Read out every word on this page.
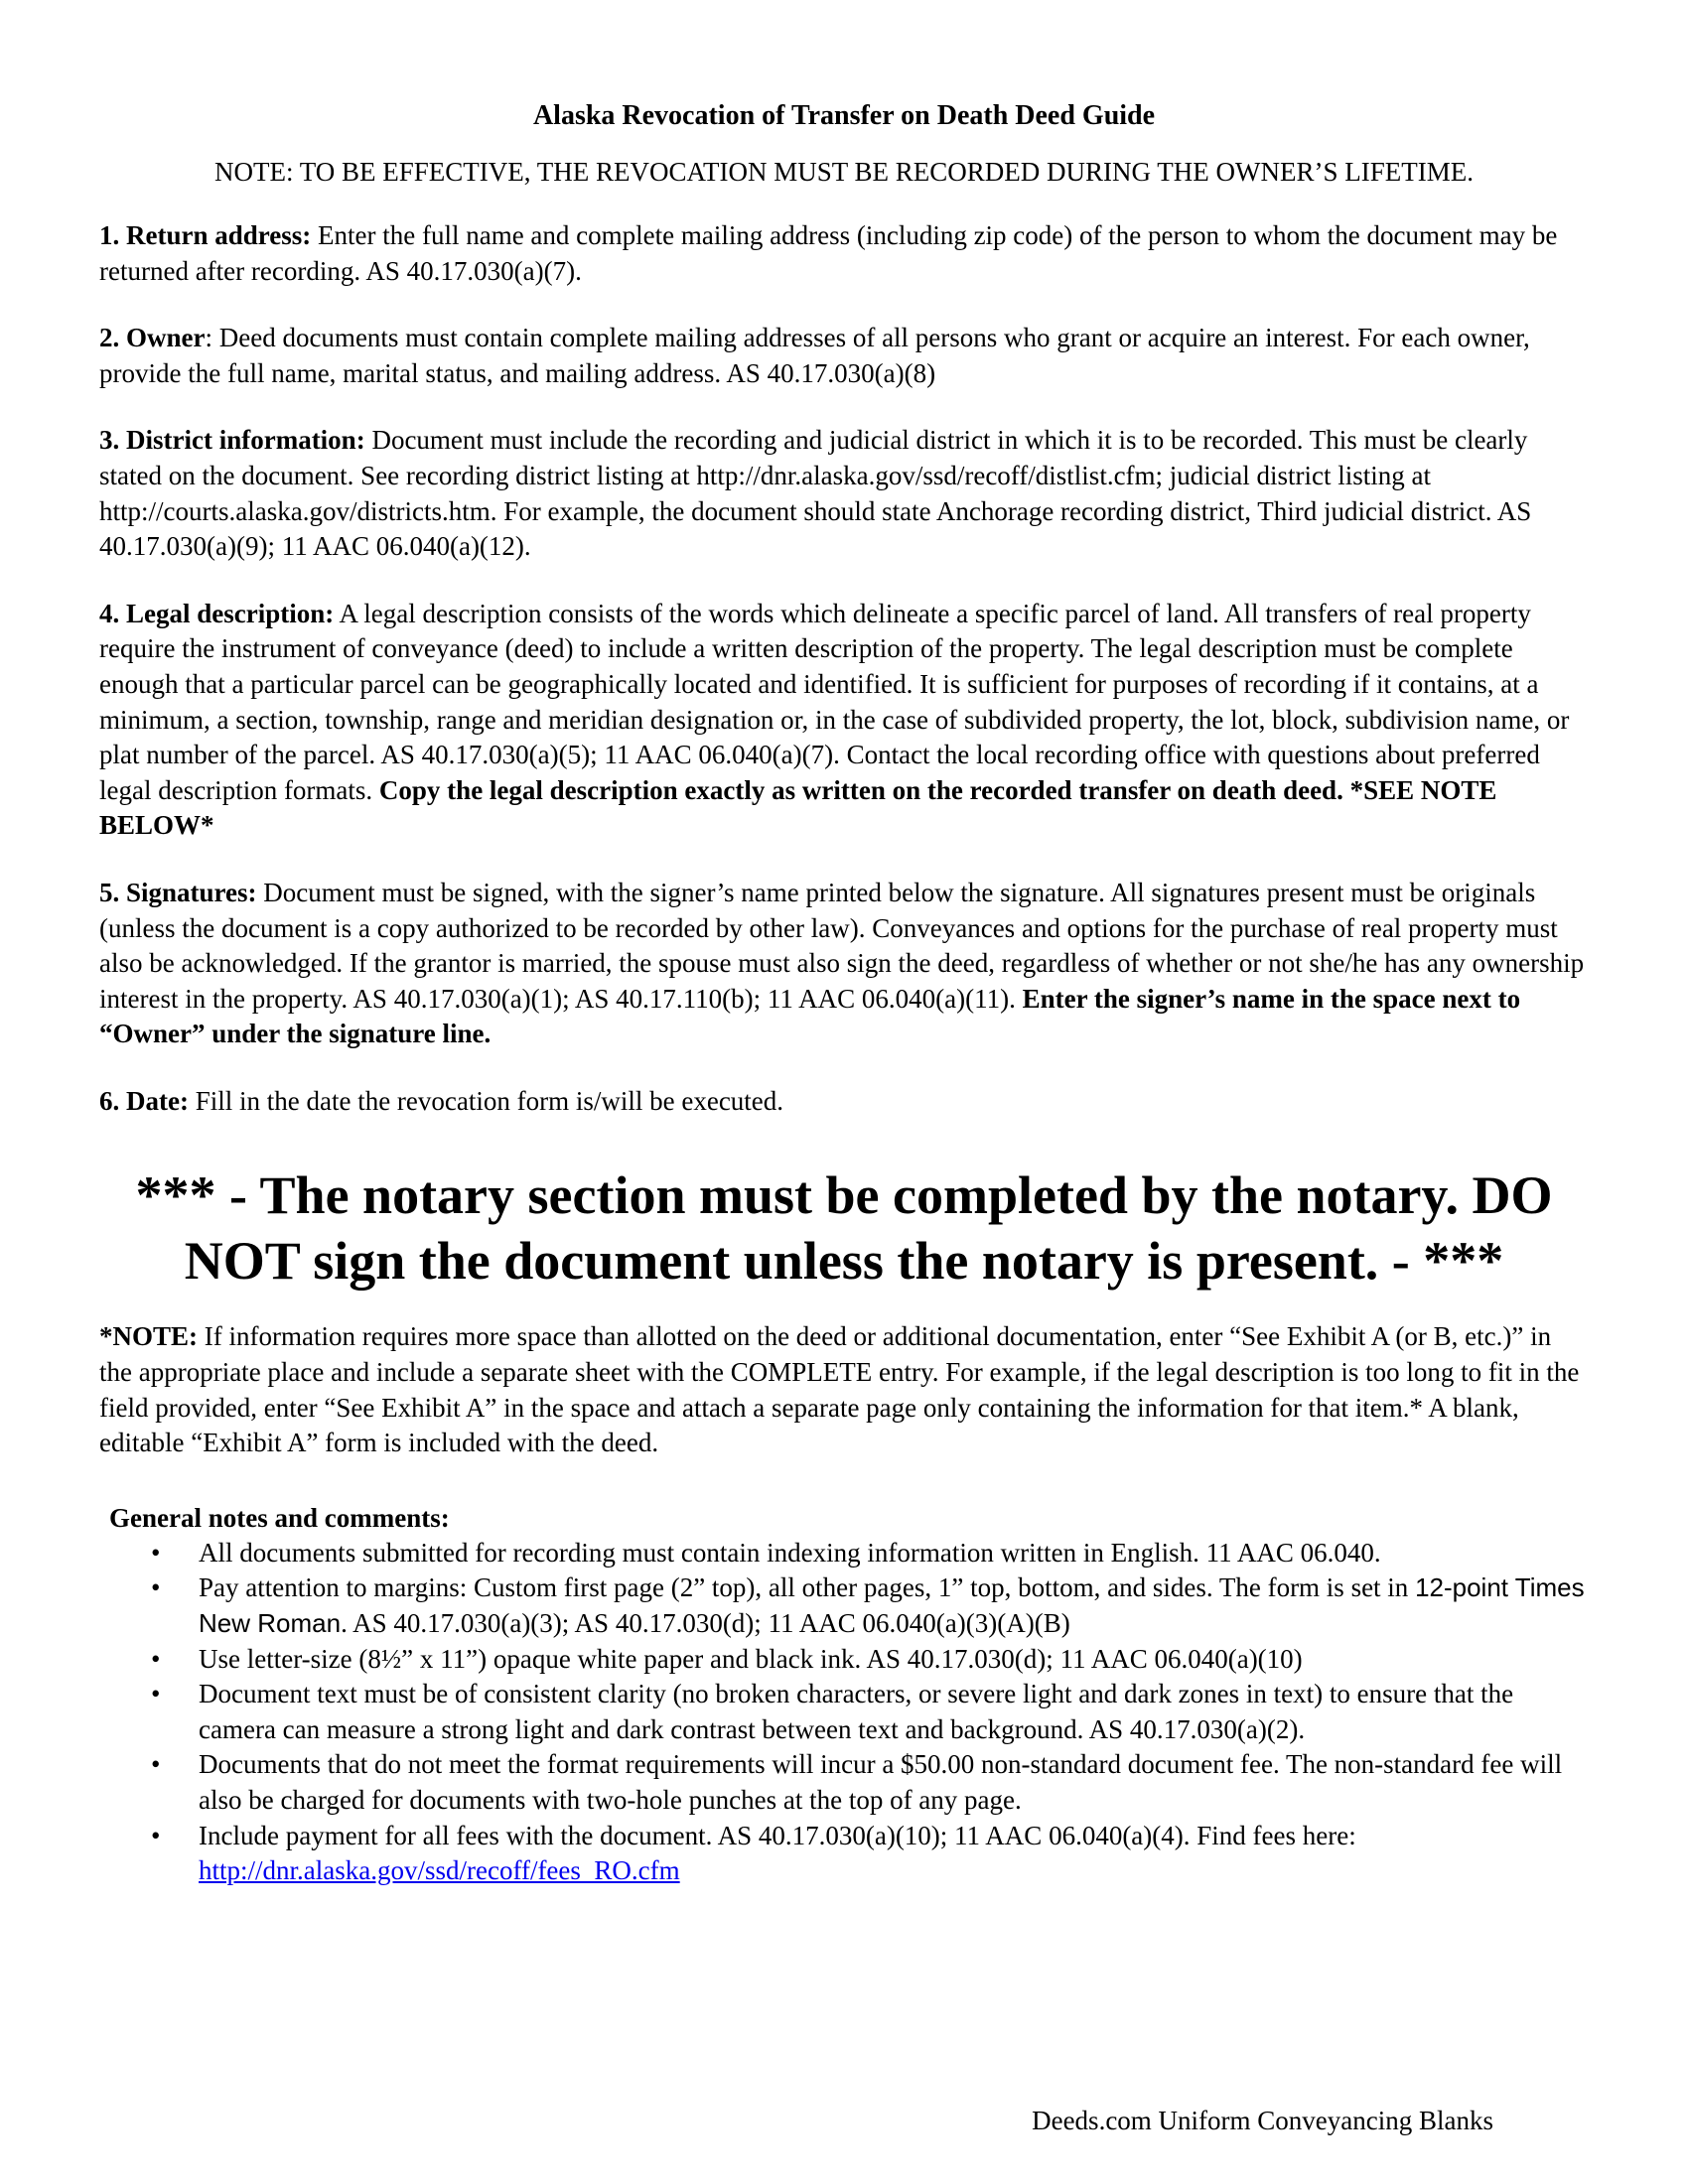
Alaska Revocation of Transfer on Death Deed Guide

NOTE: TO BE EFFECTIVE, THE REVOCATION MUST BE RECORDED DURING THE OWNER’S LIFETIME.

1. Return address: Enter the full name and complete mailing address (including zip code) of the person to whom the document may be returned after recording. AS 40.17.030(a)(7).

2. Owner: Deed documents must contain complete mailing addresses of all persons who grant or acquire an interest. For each owner, provide the full name, marital status, and mailing address. AS 40.17.030(a)(8)

3. District information: Document must include the recording and judicial district in which it is to be recorded. This must be clearly stated on the document. See recording district listing at http://dnr.alaska.gov/ssd/recoff/distlist.cfm; judicial district listing at http://courts.alaska.gov/districts.htm. For example, the document should state Anchorage recording district, Third judicial district. AS 40.17.030(a)(9); 11 AAC 06.040(a)(12).

4. Legal description: A legal description consists of the words which delineate a specific parcel of land. All transfers of real property require the instrument of conveyance (deed) to include a written description of the property. The legal description must be complete enough that a particular parcel can be geographically located and identified. It is sufficient for purposes of recording if it contains, at a minimum, a section, township, range and meridian designation or, in the case of subdivided property, the lot, block, subdivision name, or plat number of the parcel. AS 40.17.030(a)(5); 11 AAC 06.040(a)(7). Contact the local recording office with questions about preferred legal description formats. Copy the legal description exactly as written on the recorded transfer on death deed. *SEE NOTE BELOW*

5. Signatures: Document must be signed, with the signer’s name printed below the signature. All signatures present must be originals (unless the document is a copy authorized to be recorded by other law). Conveyances and options for the purchase of real property must also be acknowledged. If the grantor is married, the spouse must also sign the deed, regardless of whether or not she/he has any ownership interest in the property. AS 40.17.030(a)(1); AS 40.17.110(b); 11 AAC 06.040(a)(11). Enter the signer’s name in the space next to “Owner” under the signature line.

6. Date: Fill in the date the revocation form is/will be executed.

*** - The notary section must be completed by the notary. DO NOT sign the document unless the notary is present. - ***

*NOTE: If information requires more space than allotted on the deed or additional documentation, enter “See Exhibit A (or B, etc.)” in the appropriate place and include a separate sheet with the COMPLETE entry. For example, if the legal description is too long to fit in the field provided, enter “See Exhibit A” in the space and attach a separate page only containing the information for that item.* A blank, editable “Exhibit A” form is included with the deed.

General notes and comments:

• All documents submitted for recording must contain indexing information written in English. 11 AAC 06.040.
• Pay attention to margins: Custom first page (2” top), all other pages, 1” top, bottom, and sides. The form is set in 12-point Times New Roman. AS 40.17.030(a)(3); AS 40.17.030(d); 11 AAC 06.040(a)(3)(A)(B)
• Use letter-size (8½” x 11”) opaque white paper and black ink. AS 40.17.030(d); 11 AAC 06.040(a)(10)
• Document text must be of consistent clarity (no broken characters, or severe light and dark zones in text) to ensure that the camera can measure a strong light and dark contrast between text and background. AS 40.17.030(a)(2).
• Documents that do not meet the format requirements will incur a $50.00 non-standard document fee. The non-standard fee will also be charged for documents with two-hole punches at the top of any page.
• Include payment for all fees with the document. AS 40.17.030(a)(10); 11 AAC 06.040(a)(4). Find fees here: http://dnr.alaska.gov/ssd/recoff/fees_RO.cfm
Deeds.com Uniform Conveyancing Blanks
